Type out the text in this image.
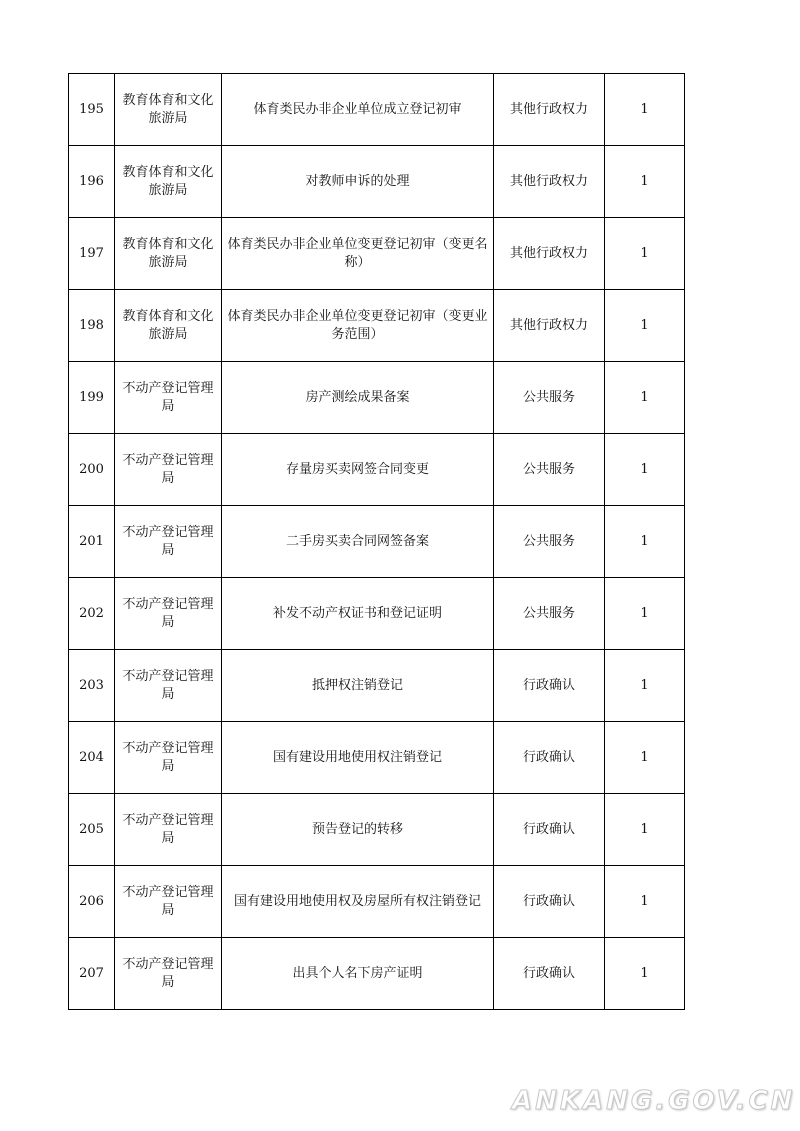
195	教育体育和文化旅游局	体育类民办非企业单位成立登记初审	其他行政权力	1
196	教育体育和文化旅游局	对教师申诉的处理	其他行政权力	1
197	教育体育和文化旅游局	体育类民办非企业单位变更登记初审（变更名称）	其他行政权力	1
198	教育体育和文化旅游局	体育类民办非企业单位变更登记初审（变更业务范围）	其他行政权力	1
199	不动产登记管理局	房产测绘成果备案	公共服务	1
200	不动产登记管理局	存量房买卖网签合同变更	公共服务	1
201	不动产登记管理局	二手房买卖合同网签备案	公共服务	1
202	不动产登记管理局	补发不动产权证书和登记证明	公共服务	1
203	不动产登记管理局	抵押权注销登记	行政确认	1
204	不动产登记管理局	国有建设用地使用权注销登记	行政确认	1
205	不动产登记管理局	预告登记的转移	行政确认	1
206	不动产登记管理局	国有建设用地使用权及房屋所有权注销登记	行政确认	1
207	不动产登记管理局	出具个人名下房产证明	行政确认	1
ANKANG.GOV.CN
